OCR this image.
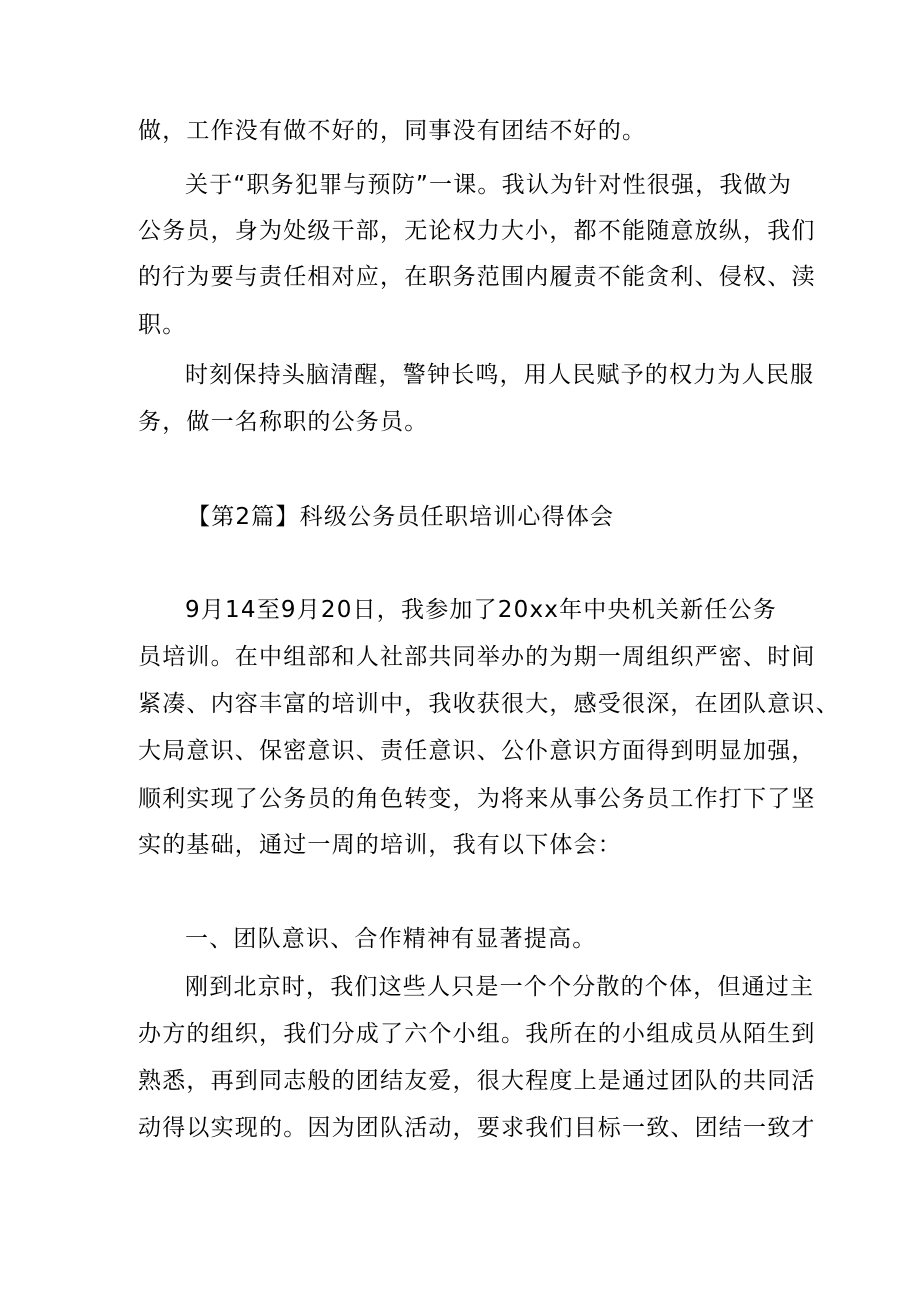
做，工作没有做不好的，同事没有团结不好的。
关于“职务犯罪与预防”一课。我认为针对性很强，我做为
公务员，身为处级干部，无论权力大小，都不能随意放纵，我们
的行为要与责任相对应，在职务范围内履责不能贪利、侵权、渎
职。
时刻保持头脑清醒，警钟长鸣，用人民赋予的权力为人民服
务，做一名称职的公务员。
【第2篇】科级公务员任职培训心得体会
9月14至9月20日，我参加了20xx年中央机关新任公务
员培训。在中组部和人社部共同举办的为期一周组织严密、时间
紧凑、内容丰富的培训中，我收获很大，感受很深，在团队意识、
大局意识、保密意识、责任意识、公仆意识方面得到明显加强，
顺利实现了公务员的角色转变，为将来从事公务员工作打下了坚
实的基础，通过一周的培训，我有以下体会：
一、团队意识、合作精神有显著提高。
刚到北京时，我们这些人只是一个个分散的个体，但通过主
办方的组织，我们分成了六个小组。我所在的小组成员从陌生到
熟悉，再到同志般的团结友爱，很大程度上是通过团队的共同活
动得以实现的。因为团队活动，要求我们目标一致、团结一致才
